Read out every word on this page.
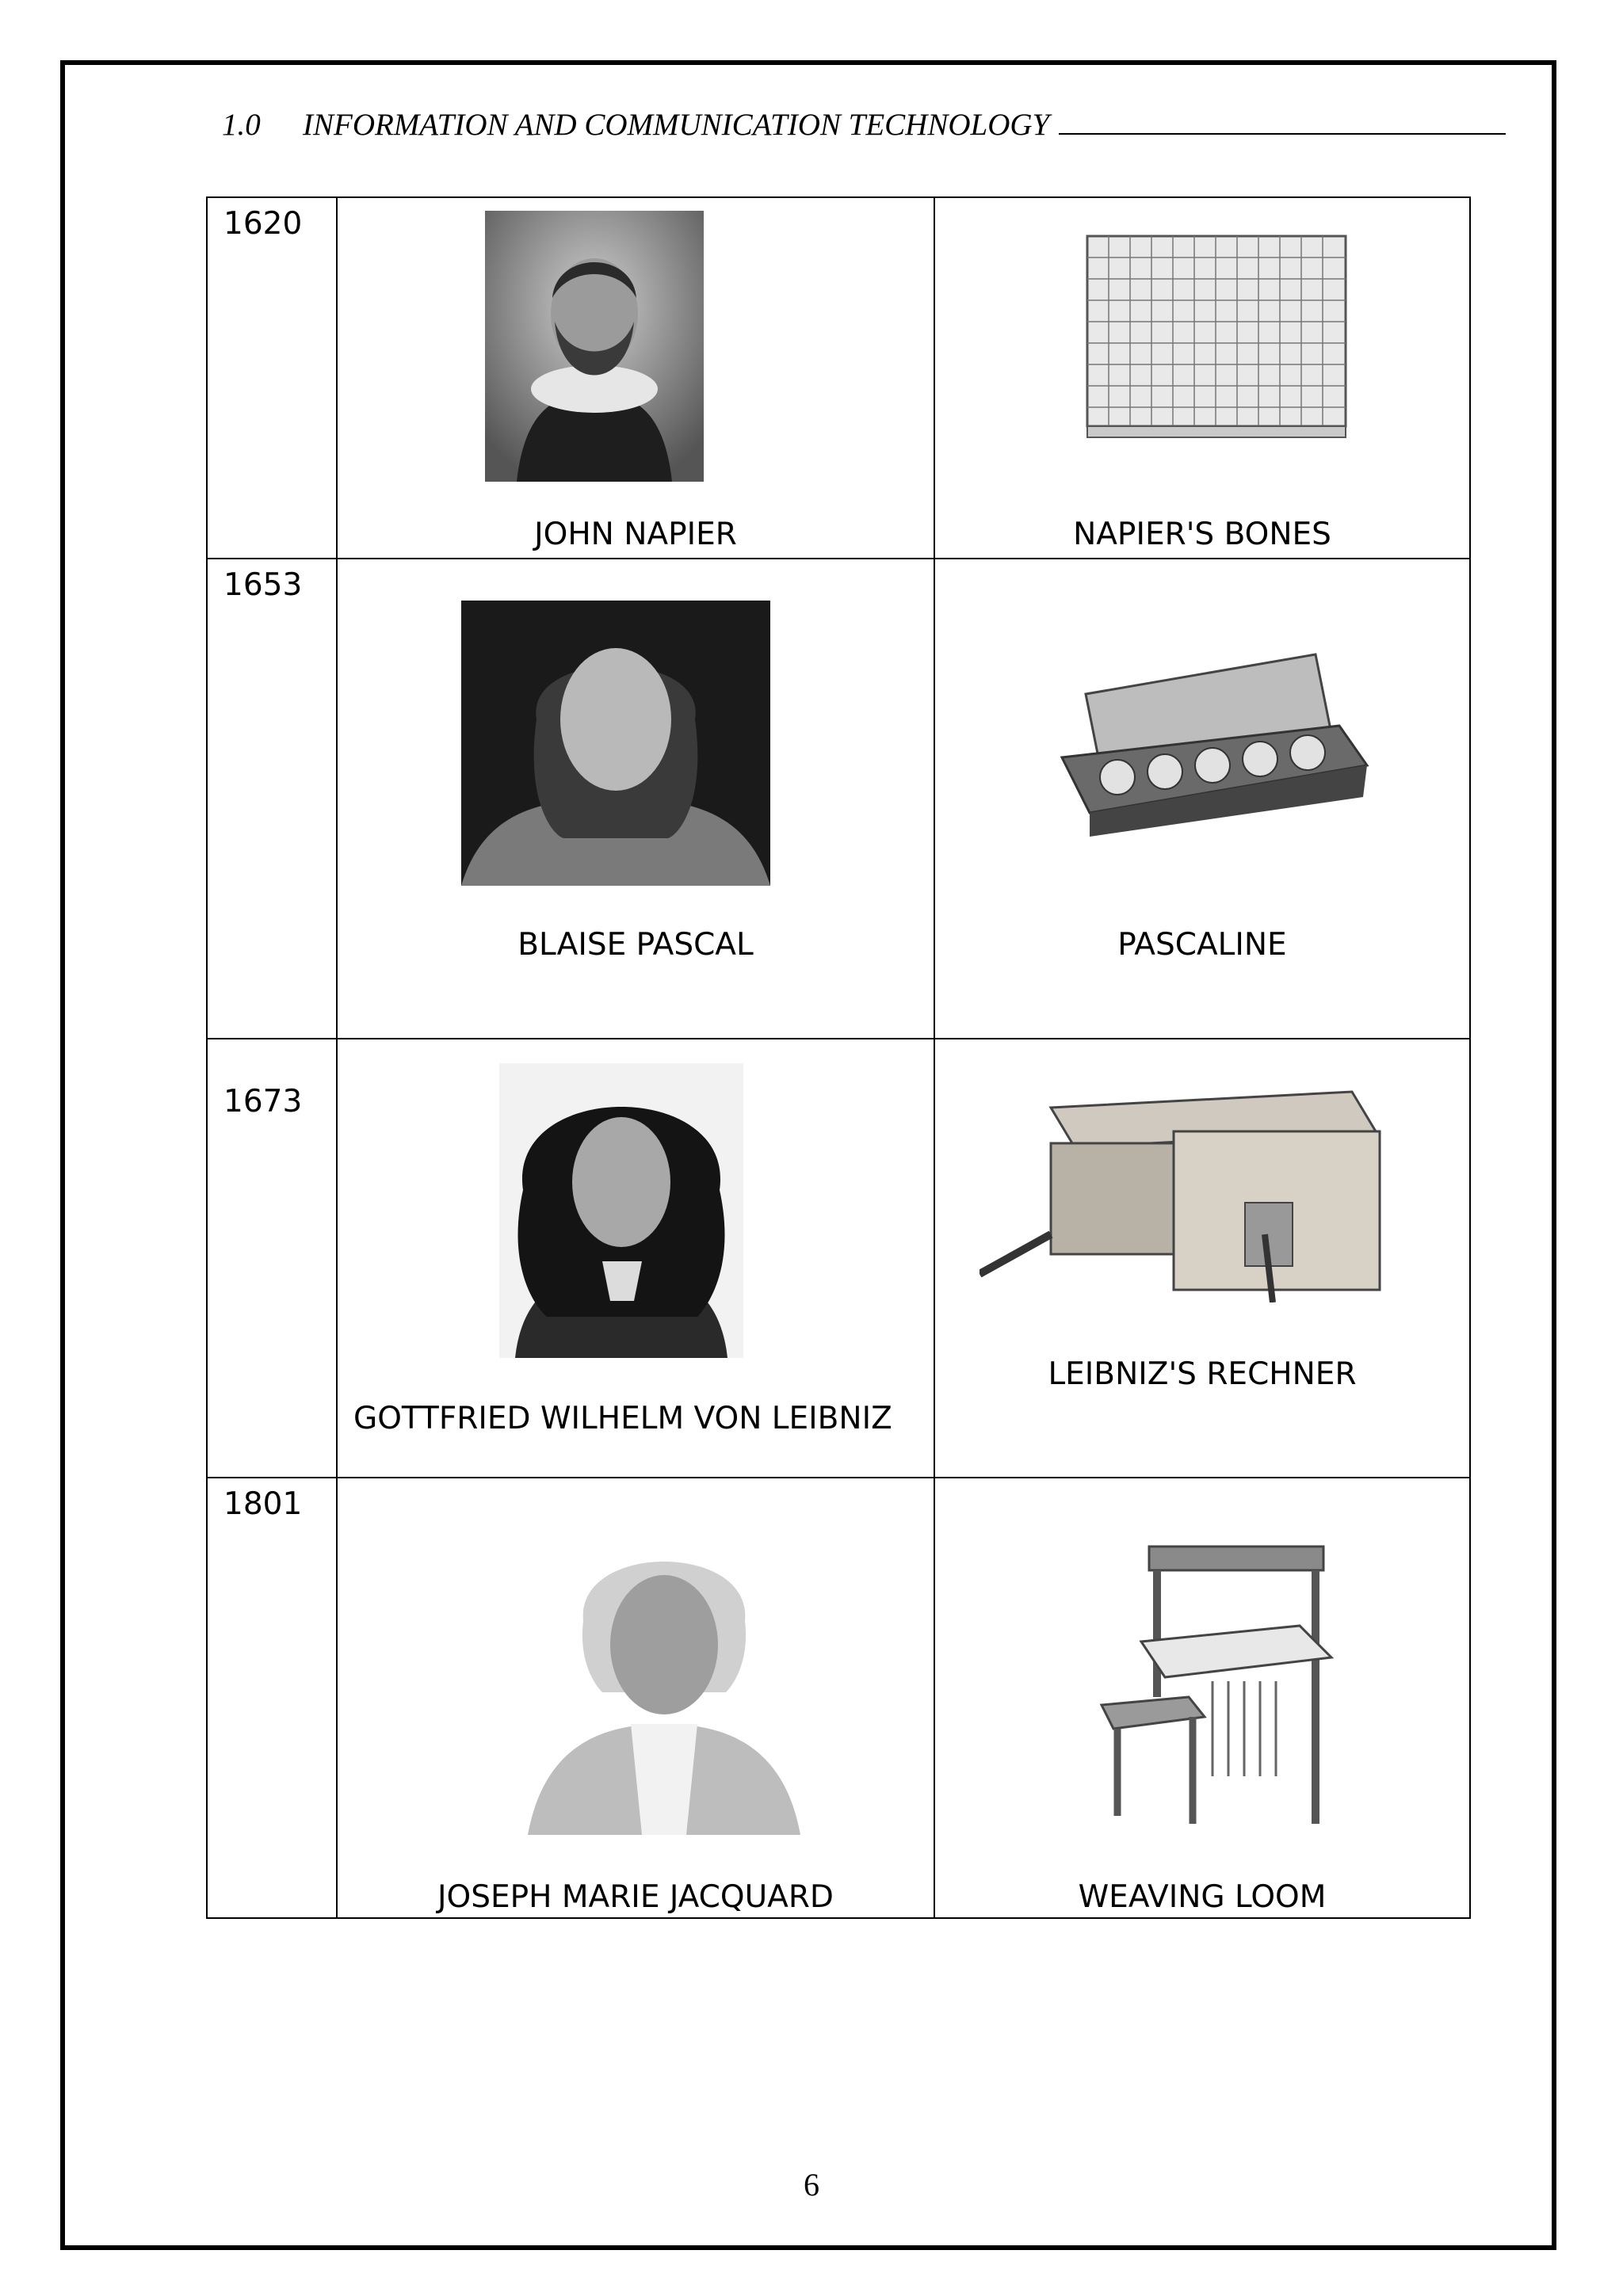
1.0	INFORMATION AND COMMUNICATION TECHNOLOGY
1620	JOHN NAPIER	NAPIER'S BONES

1653	BLAISE PASCAL	PASCALINE

1673	GOTTFRIED WILHELM VON LEIBNIZ	LEIBNIZ'S RECHNER

1801	JOSEPH MARIE JACQUARD	WEAVING LOOM
6
